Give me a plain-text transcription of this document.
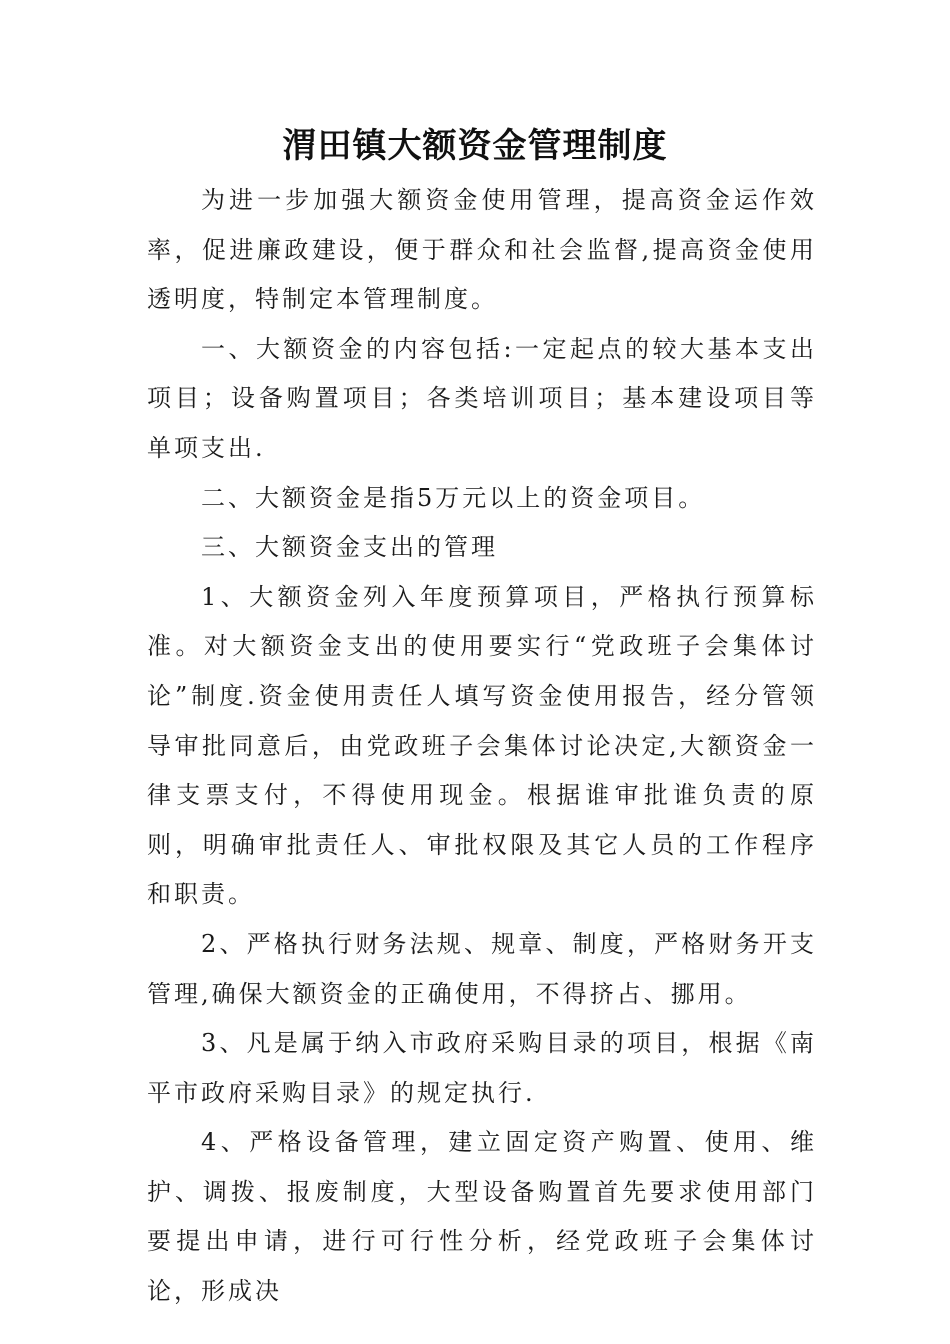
渭田镇大额资金管理制度

为进一步加强大额资金使用管理，提高资金运作效率，促进廉政建设，便于群众和社会监督,提高资金使用透明度，特制定本管理制度。

一、大额资金的内容包括:一定起点的较大基本支出项目；设备购置项目；各类培训项目；基本建设项目等单项支出.

二、大额资金是指5万元以上的资金项目。

三、大额资金支出的管理

1、大额资金列入年度预算项目，严格执行预算标准。对大额资金支出的使用要实行“党政班子会集体讨论”制度.资金使用责任人填写资金使用报告，经分管领导审批同意后，由党政班子会集体讨论决定,大额资金一律支票支付，不得使用现金。根据谁审批谁负责的原则，明确审批责任人、审批权限及其它人员的工作程序和职责。

2、严格执行财务法规、规章、制度，严格财务开支管理,确保大额资金的正确使用，不得挤占、挪用。

3、凡是属于纳入市政府采购目录的项目，根据《南平市政府采购目录》的规定执行.

4、严格设备管理，建立固定资产购置、使用、维护、调拨、报废制度，大型设备购置首先要求使用部门要提出申请，进行可行性分析，经党政班子会集体讨论，形成决
